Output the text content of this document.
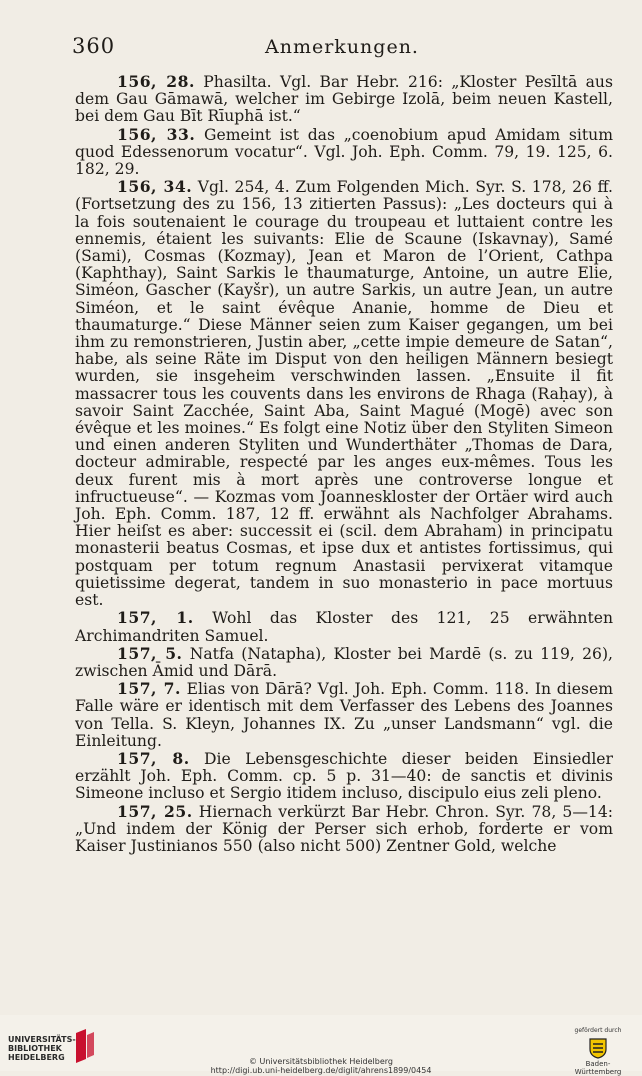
360	Anmerkungen.

156, 28. Phasilta. Vgl. Bar Hebr. 216: „Kloster Pesīltā aus dem Gau Gāmawā, welcher im Gebirge Izolā, beim neuen Kastell, bei dem Gau Bīt Rīuphā ist.“

156, 33. Gemeint ist das „coenobium apud Amidam situm quod Edessenorum vocatur“. Vgl. Joh. Eph. Comm. 79, 19. 125, 6. 182, 29.

156, 34. Vgl. 254, 4. Zum Folgenden Mich. Syr. S. 178, 26 ff. (Fortsetzung des zu 156, 13 zitierten Passus): „Les docteurs qui à la fois soutenaient le courage du troupeau et luttaient contre les ennemis, étaient les suivants: Elie de Scaune (Iskavnay), Samé (Sami), Cosmas (Kozmay), Jean et Maron de l’Orient, Cathpa (Kaphthay), Saint Sarkis le thaumaturge, Antoine, un autre Elie, Siméon, Gascher (Kayšr), un autre Sarkis, un autre Jean, un autre Siméon, et le saint évêque Ananie, homme de Dieu et thaumaturge.“ Diese Männer seien zum Kaiser gegangen, um bei ihm zu remonstrieren, Justin aber, „cette impie demeure de Satan“, habe, als seine Räte im Disput von den heiligen Männern besiegt wurden, sie insgeheim verschwinden lassen. „Ensuite il fit massacrer tous les couvents dans les environs de Rhaga (Raḥay), à savoir Saint Zacchée, Saint Aba, Saint Magué (Mogē) avec son évêque et les moines.“ Es folgt eine Notiz über den Styliten Simeon und einen anderen Styliten und Wunderthäter „Thomas de Dara, docteur admirable, respecté par les anges eux-mêmes. Tous les deux furent mis à mort après une controverse longue et infructueuse“. — Kozmas vom Joanneskloster der Ortäer wird auch Joh. Eph. Comm. 187, 12 ff. erwähnt als Nachfolger Abrahams. Hier heiſst es aber: successit ei (scil. dem Abraham) in principatu monasterii beatus Cosmas, et ipse dux et antistes fortissimus, qui postquam per totum regnum Anastasii pervixerat vitamque quietissime degerat, tandem in suo monasterio in pace mortuus est.

157, 1. Wohl das Kloster des 121, 25 erwähnten Archimandriten Samuel.

157, 5. Natfa (Natapha), Kloster bei Mardē (s. zu 119, 26), zwischen Āmid und Dārā.

157, 7. Elias von Dārā? Vgl. Joh. Eph. Comm. 118. In diesem Falle wäre er identisch mit dem Verfasser des Lebens des Joannes von Tella. S. Kleyn, Johannes IX. Zu „unser Landsmann“ vgl. die Einleitung.

157, 8. Die Lebensgeschichte dieser beiden Einsiedler erzählt Joh. Eph. Comm. cp. 5 p. 31—40: de sanctis et divinis Simeone incluso et Sergio itidem incluso, discipulo eius zeli pleno.

157, 25. Hiernach verkürzt Bar Hebr. Chron. Syr. 78, 5—14: „Und indem der König der Perser sich erhob, forderte er vom Kaiser Justinianos 550 (also nicht 500) Zentner Gold, welche

UNIVERSITÄTS-
BIBLIOTHEK
HEIDELBERG	© Universitätsbibliothek Heidelberg
http://digi.ub.uni-heidelberg.de/diglit/ahrens1899/0454
gefördert durch
Baden-Württemberg
